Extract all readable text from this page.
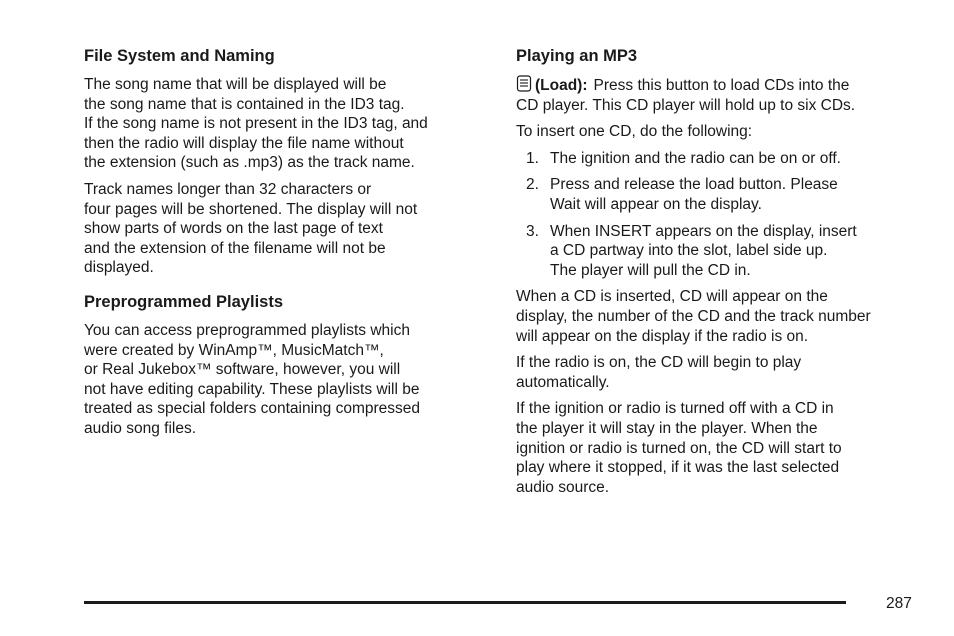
File System and Naming

The song name that will be displayed will be
the song name that is contained in the ID3 tag.
If the song name is not present in the ID3 tag, and
then the radio will display the file name without
the extension (such as .mp3) as the track name.

Track names longer than 32 characters or
four pages will be shortened. The display will not
show parts of words on the last page of text
and the extension of the filename will not be
displayed.

Preprogrammed Playlists

You can access preprogrammed playlists which
were created by WinAmp™, MusicMatch™,
or Real Jukebox™ software, however, you will
not have editing capability. These playlists will be
treated as special folders containing compressed
audio song files.

Playing an MP3

(Load): Press this button to load CDs into the
CD player. This CD player will hold up to six CDs.

To insert one CD, do the following:

1. The ignition and the radio can be on or off.
2. Press and release the load button. Please
Wait will appear on the display.
3. When INSERT appears on the display, insert
a CD partway into the slot, label side up.
The player will pull the CD in.

When a CD is inserted, CD will appear on the
display, the number of the CD and the track number
will appear on the display if the radio is on.

If the radio is on, the CD will begin to play
automatically.

If the ignition or radio is turned off with a CD in
the player it will stay in the player. When the
ignition or radio is turned on, the CD will start to
play where it stopped, if it was the last selected
audio source.

287
